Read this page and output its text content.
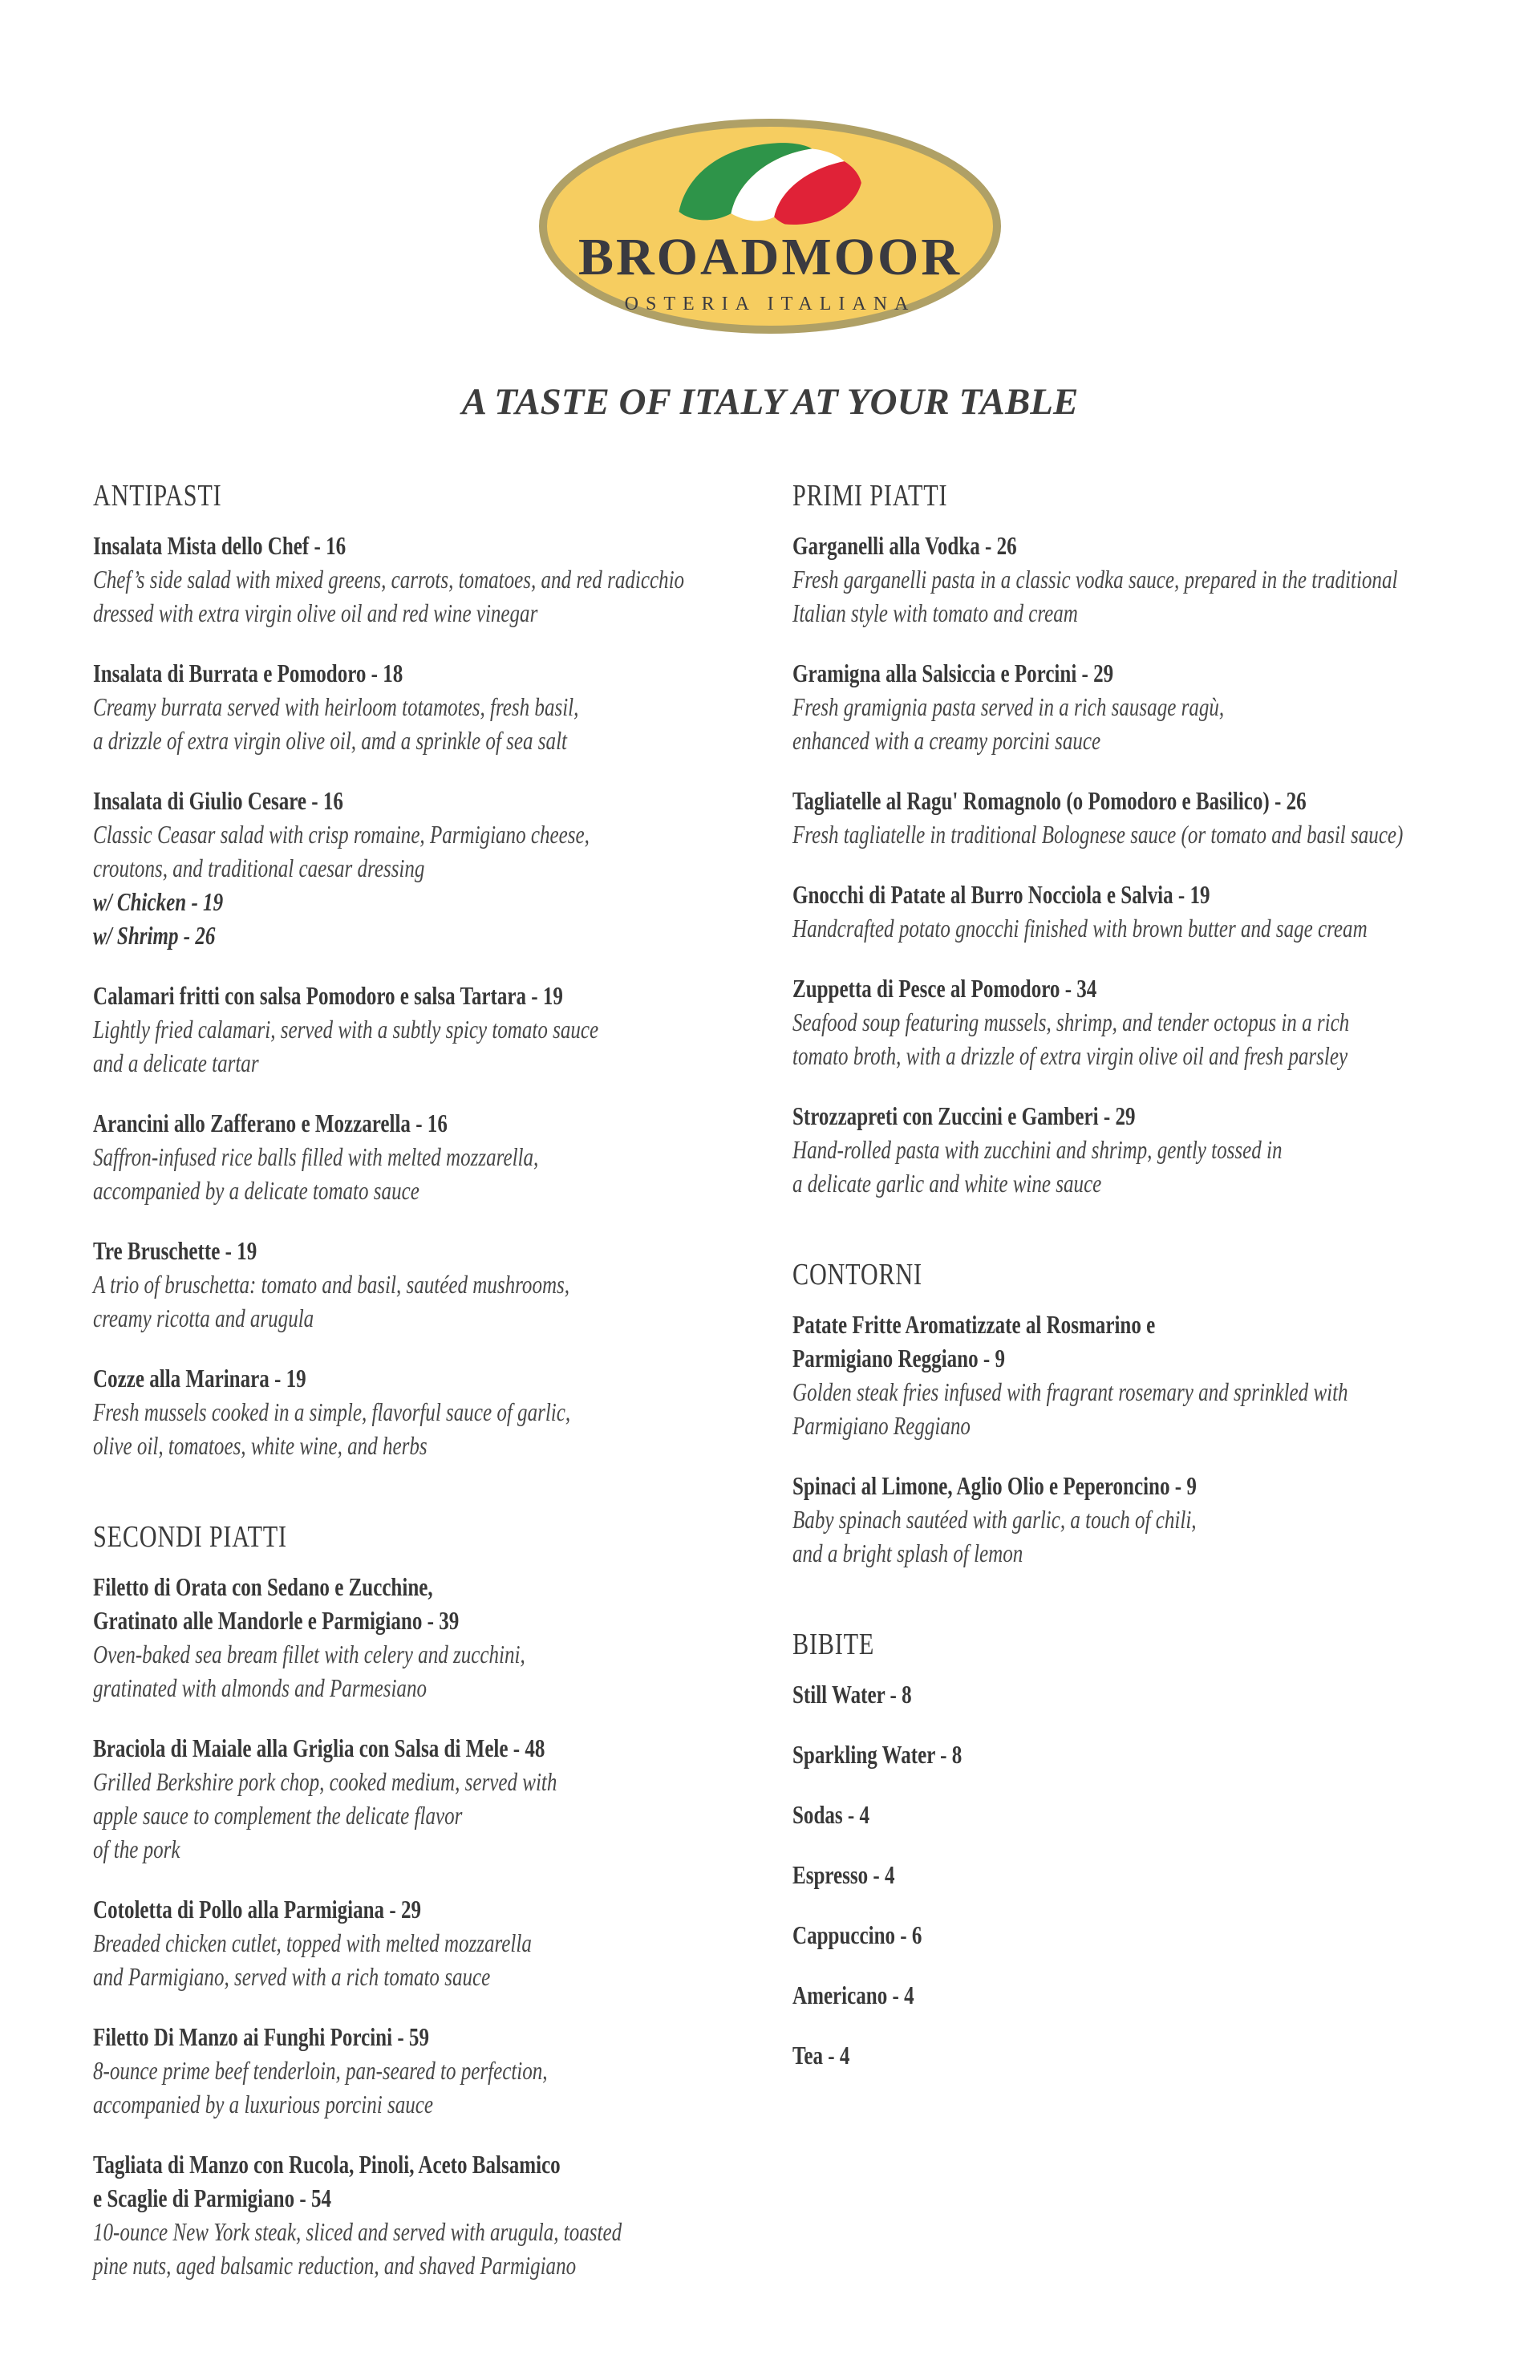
BROADMOOR
OSTERIA ITALIANA
A TASTE OF ITALY AT YOUR TABLE
ANTIPASTI
Insalata Mista dello Chef - 16
Chef’s side salad with mixed greens, carrots, tomatoes, and red radicchio
dressed with extra virgin olive oil and red wine vinegar
Insalata di Burrata e Pomodoro - 18
Creamy burrata served with heirloom totamotes, fresh basil,
a drizzle of extra virgin olive oil, amd a sprinkle of sea salt
Insalata di Giulio Cesare - 16
Classic Ceasar salad with crisp romaine, Parmigiano cheese,
croutons, and traditional caesar dressing
w/ Chicken - 19
w/ Shrimp - 26
Calamari fritti con salsa Pomodoro e salsa Tartara - 19
Lightly fried calamari, served with a subtly spicy tomato sauce
and a delicate tartar
Arancini allo Zafferano e Mozzarella - 16
Saffron-infused rice balls filled with melted mozzarella,
accompanied by a delicate tomato sauce
Tre Bruschette - 19
A trio of bruschetta: tomato and basil, sautéed mushrooms,
creamy ricotta and arugula
Cozze alla Marinara - 19
Fresh mussels cooked in a simple, flavorful sauce of garlic,
olive oil, tomatoes, white wine, and herbs
SECONDI PIATTI
Filetto di Orata con Sedano e Zucchine,
Gratinato alle Mandorle e Parmigiano - 39
Oven-baked sea bream fillet with celery and zucchini,
gratinated with almonds and Parmesiano
Braciola di Maiale alla Griglia con Salsa di Mele - 48
Grilled Berkshire pork chop, cooked medium, served with
apple sauce to complement the delicate flavor
of the pork
Cotoletta di Pollo alla Parmigiana - 29
Breaded chicken cutlet, topped with melted mozzarella
and Parmigiano, served with a rich tomato sauce
Filetto Di Manzo ai Funghi Porcini - 59
8-ounce prime beef tenderloin, pan-seared to perfection,
accompanied by a luxurious porcini sauce
Tagliata di Manzo con Rucola, Pinoli, Aceto Balsamico
e Scaglie di Parmigiano - 54
10-ounce New York steak, sliced and served with arugula, toasted
pine nuts, aged balsamic reduction, and shaved Parmigiano
PRIMI PIATTI
Garganelli alla Vodka - 26
Fresh garganelli pasta in a classic vodka sauce, prepared in the traditional
Italian style with tomato and cream
Gramigna alla Salsiccia e Porcini - 29
Fresh gramignia pasta served in a rich sausage ragù,
enhanced with a creamy porcini sauce
Tagliatelle al Ragu' Romagnolo (o Pomodoro e Basilico) - 26
Fresh tagliatelle in traditional Bolognese sauce (or tomato and basil sauce)
Gnocchi di Patate al Burro Nocciola e Salvia - 19
Handcrafted potato gnocchi finished with brown butter and sage cream
Zuppetta di Pesce al Pomodoro - 34
Seafood soup featuring mussels, shrimp, and tender octopus in a rich
tomato broth, with a drizzle of extra virgin olive oil and fresh parsley
Strozzapreti con Zuccini e Gamberi - 29
Hand-rolled pasta with zucchini and shrimp, gently tossed in
a delicate garlic and white wine sauce
CONTORNI
Patate Fritte Aromatizzate al Rosmarino e
Parmigiano Reggiano - 9
Golden steak fries infused with fragrant rosemary and sprinkled with
Parmigiano Reggiano
Spinaci al Limone, Aglio Olio e Peperoncino - 9
Baby spinach sautéed with garlic, a touch of chili,
and a bright splash of lemon
BIBITE
Still Water - 8
Sparkling Water - 8
Sodas - 4
Espresso - 4
Cappuccino - 6
Americano - 4
Tea - 4
